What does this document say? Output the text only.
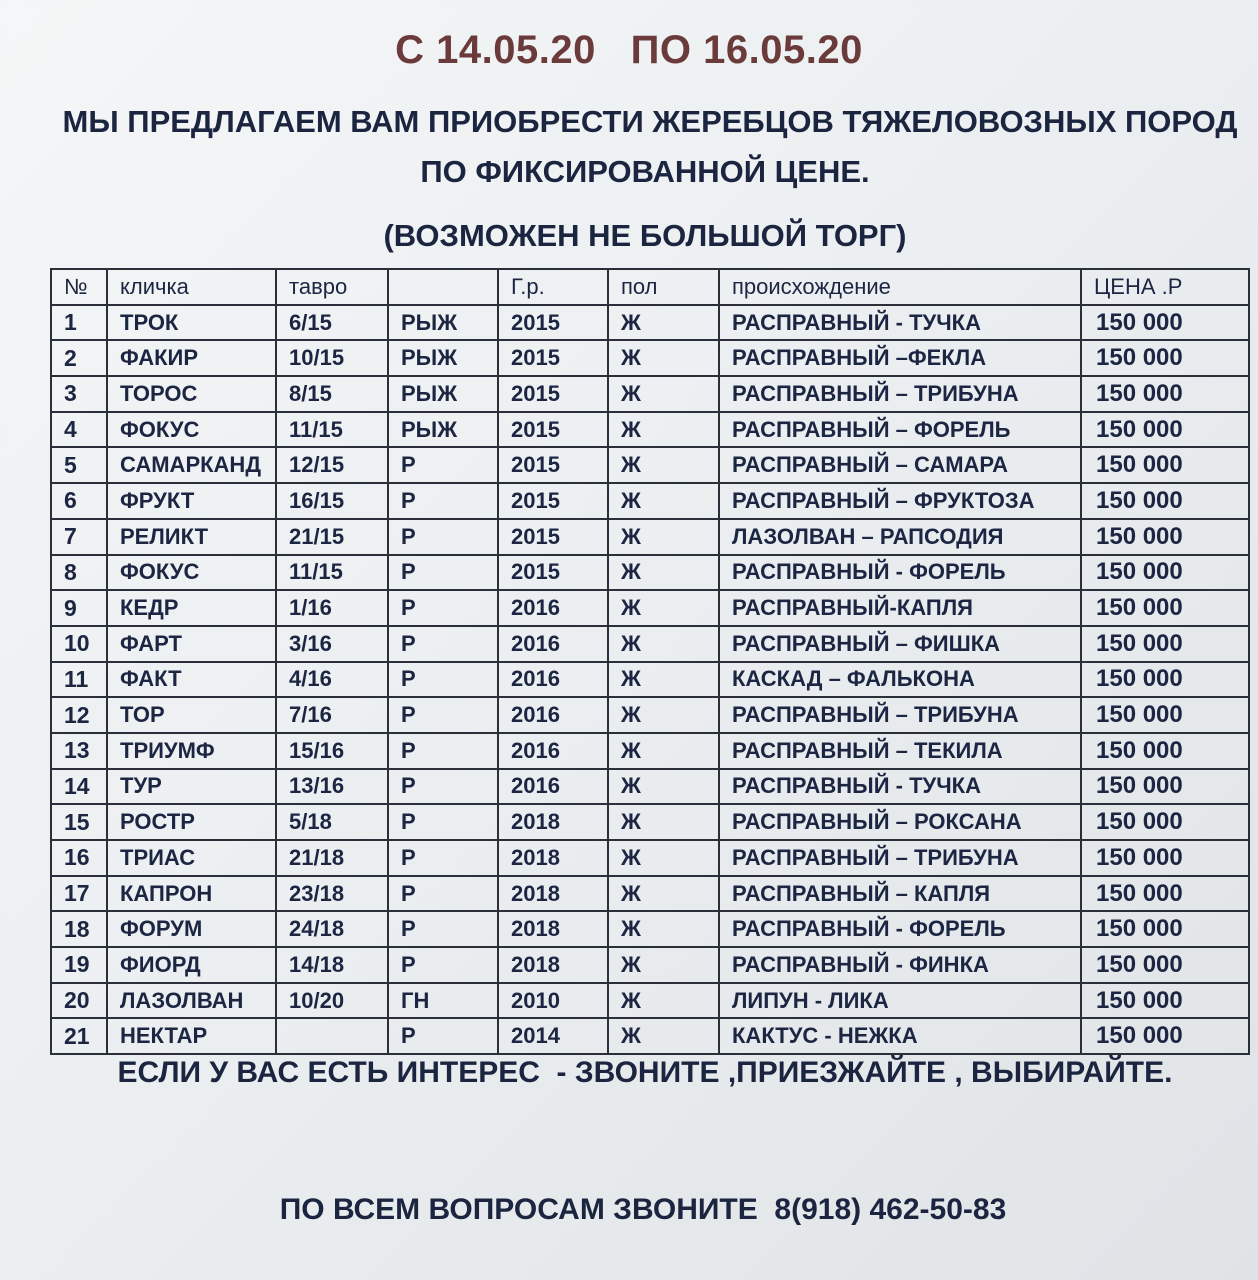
С 14.05.20   ПО 16.05.20
МЫ ПРЕДЛАГАЕМ ВАМ ПРИОБРЕСТИ ЖЕРЕБЦОВ ТЯЖЕЛОВОЗНЫХ ПОРОД
ПО ФИКСИРОВАННОЙ ЦЕНЕ.
(ВОЗМОЖЕН НЕ БОЛЬШОЙ ТОРГ)
№	кличка	тавро		Г.р.	пол	происхождение	ЦЕНА .Р
1	ТРОК	6/15	РЫЖ	2015	Ж	РАСПРАВНЫЙ - ТУЧКА	150 000
2	ФАКИР	10/15	РЫЖ	2015	Ж	РАСПРАВНЫЙ –ФЕКЛА	150 000
3	ТОРОС	8/15	РЫЖ	2015	Ж	РАСПРАВНЫЙ – ТРИБУНА	150 000
4	ФОКУС	11/15	РЫЖ	2015	Ж	РАСПРАВНЫЙ – ФОРЕЛЬ	150 000
5	САМАРКАНД	12/15	Р	2015	Ж	РАСПРАВНЫЙ – САМАРА	150 000
6	ФРУКТ	16/15	Р	2015	Ж	РАСПРАВНЫЙ – ФРУКТОЗА	150 000
7	РЕЛИКТ	21/15	Р	2015	Ж	ЛАЗОЛВАН – РАПСОДИЯ	150 000
8	ФОКУС	11/15	Р	2015	Ж	РАСПРАВНЫЙ - ФОРЕЛЬ	150 000
9	КЕДР	1/16	Р	2016	Ж	РАСПРАВНЫЙ-КАПЛЯ	150 000
10	ФАРТ	3/16	Р	2016	Ж	РАСПРАВНЫЙ – ФИШКА	150 000
11	ФАКТ	4/16	Р	2016	Ж	КАСКАД – ФАЛЬКОНА	150 000
12	ТОР	7/16	Р	2016	Ж	РАСПРАВНЫЙ – ТРИБУНА	150 000
13	ТРИУМФ	15/16	Р	2016	Ж	РАСПРАВНЫЙ – ТЕКИЛА	150 000
14	ТУР	13/16	Р	2016	Ж	РАСПРАВНЫЙ - ТУЧКА	150 000
15	РОСТР	5/18	Р	2018	Ж	РАСПРАВНЫЙ – РОКСАНА	150 000
16	ТРИАС	21/18	Р	2018	Ж	РАСПРАВНЫЙ – ТРИБУНА	150 000
17	КАПРОН	23/18	Р	2018	Ж	РАСПРАВНЫЙ – КАПЛЯ	150 000
18	ФОРУМ	24/18	Р	2018	Ж	РАСПРАВНЫЙ - ФОРЕЛЬ	150 000
19	ФИОРД	14/18	Р	2018	Ж	РАСПРАВНЫЙ - ФИНКА	150 000
20	ЛАЗОЛВАН	10/20	ГН	2010	Ж	ЛИПУН - ЛИКА	150 000
21	НЕКТАР		Р	2014	Ж	КАКТУС - НЕЖКА	150 000
ЕСЛИ У ВАС ЕСТЬ ИНТЕРЕС  - ЗВОНИТЕ ,ПРИЕЗЖАЙТЕ , ВЫБИРАЙТЕ.
ПО ВСЕМ ВОПРОСАМ ЗВОНИТЕ  8(918) 462-50-83
